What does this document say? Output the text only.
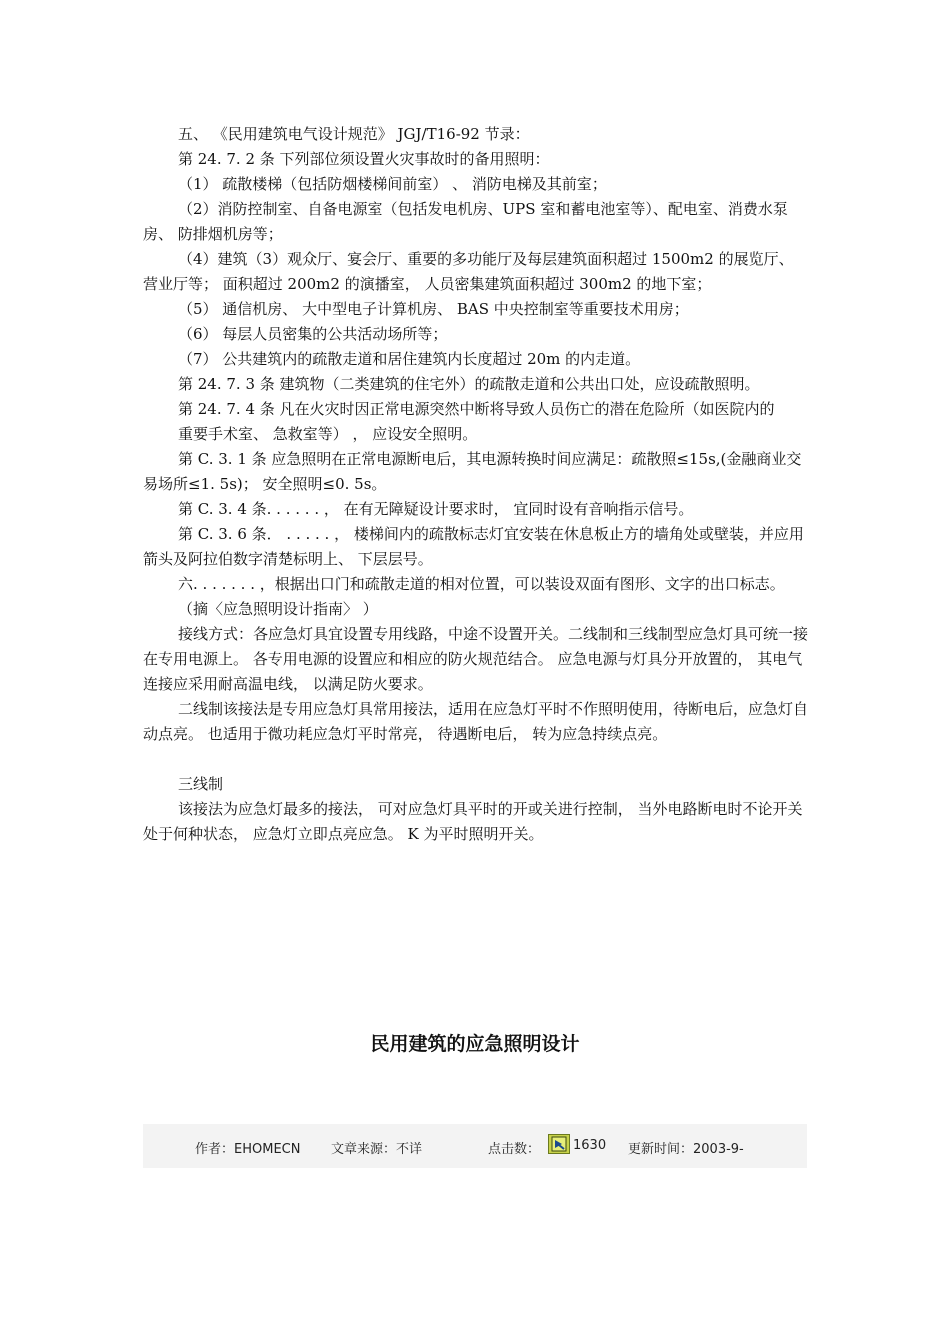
五、 《民用建筑电气设计规范》 JGJ/T16-92 节录：

第 24. 7. 2 条 下列部位须设置火灾事故时的备用照明：

（1） 疏散楼梯（包括防烟楼梯间前室） 、 消防电梯及其前室；

（2）消防控制室、自备电源室（包括发电机房、UPS 室和蓄电池室等）、配电室、消费水泵房、 防排烟机房等；

（4）建筑（3）观众厅、宴会厅、重要的多功能厅及每层建筑面积超过 1500m2 的展览厅、 营业厅等； 面积超过 200m2 的演播室， 人员密集建筑面积超过 300m2 的地下室；

（5） 通信机房、 大中型电子计算机房、 BAS 中央控制室等重要技术用房；

（6） 每层人员密集的公共活动场所等；

（7） 公共建筑内的疏散走道和居住建筑内长度超过 20m 的内走道。

第 24. 7. 3 条 建筑物（二类建筑的住宅外）的疏散走道和公共出口处，应设疏散照明。

第 24. 7. 4 条 凡在火灾时因正常电源突然中断将导致人员伤亡的潜在危险所（如医院内的

重要手术室、 急救室等） ， 应设安全照明。

第 C. 3. 1 条 应急照明在正常电源断电后，其电源转换时间应满足：疏散照≤15s,(金融商业交易场所≤1. 5s)； 安全照明≤0. 5s。

第 C. 3. 4 条. . . . . . ， 在有无障疑设计要求时， 宜同时设有音响指示信号。

第 C. 3. 6 条． . . . . . ， 楼梯间内的疏散标志灯宜安装在休息板止方的墙角处或壁装，并应用箭头及阿拉伯数字清楚标明上、 下层层号。

六. . . . . . . ，根据出口门和疏散走道的相对位置，可以装设双面有图形、文字的出口标志。

（摘〈应急照明设计指南〉 ）

接线方式：各应急灯具宜设置专用线路，中途不设置开关。二线制和三线制型应急灯具可统一接在专用电源上。 各专用电源的设置应和相应的防火规范结合。 应急电源与灯具分开放置的， 其电气连接应采用耐高温电线， 以满足防火要求。

二线制该接法是专用应急灯具常用接法，适用在应急灯平时不作照明使用，待断电后，应急灯自动点亮。 也适用于微功耗应急灯平时常亮， 待遇断电后， 转为应急持续点亮。

三线制

该接法为应急灯最多的接法， 可对应急灯具平时的开或关进行控制， 当外电路断电时不论开关处于何种状态， 应急灯立即点亮应急。 K 为平时照明开关。

民用建筑的应急照明设计
作者：EHOMECN 文章来源：不详	点击数：	1630 更新时间：2003-9-
